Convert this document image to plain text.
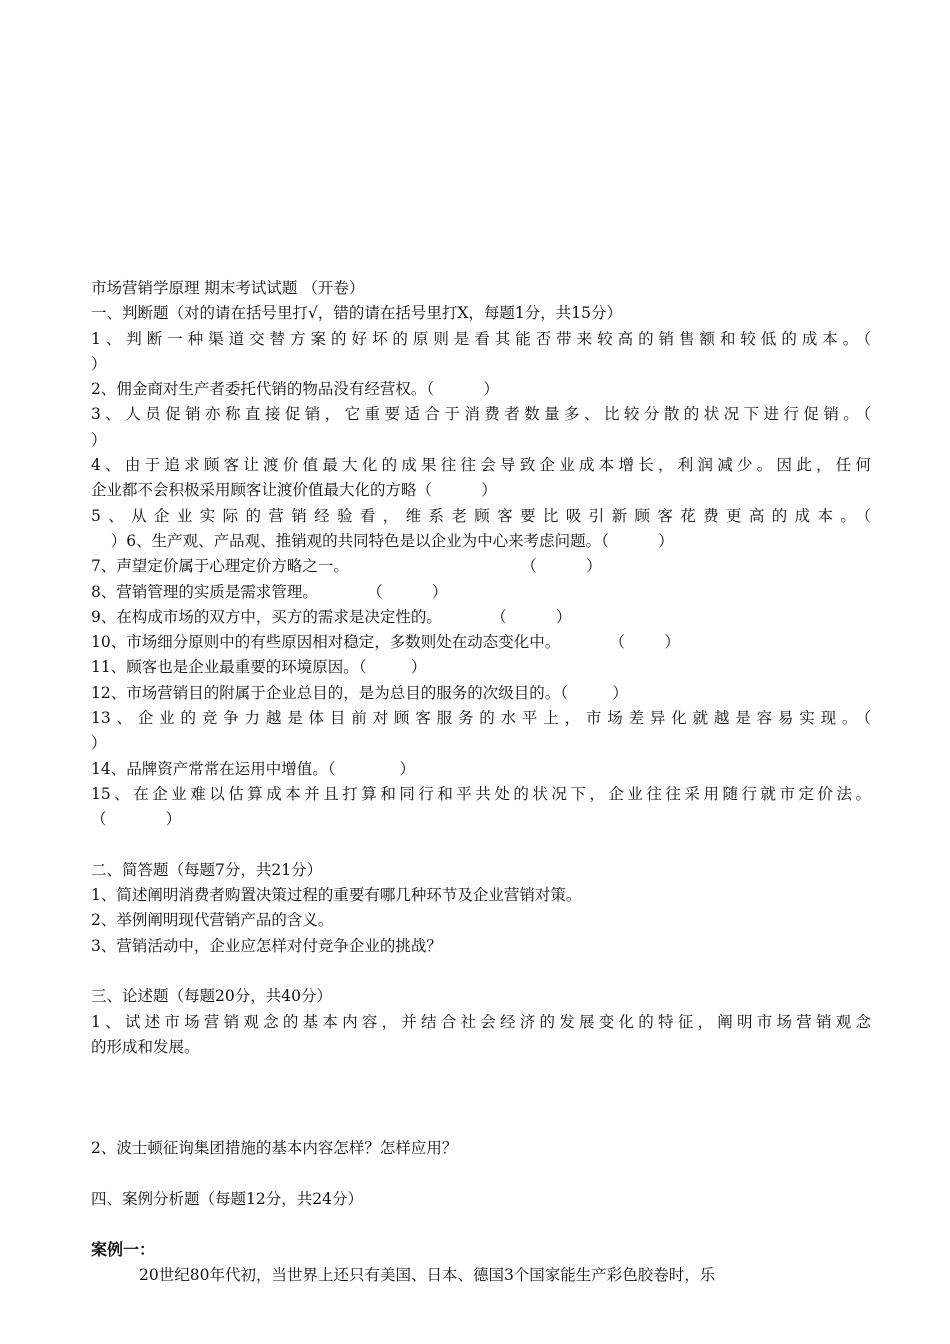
市场营销学原理 期末考试试题 （开卷）
一、判断题（对的请在括号里打√，错的请在括号里打X，每题1分，共15分）
1、判断一种渠道交替方案的好坏的原则是看其能否带来较高的销售额和较低的成本。（
）
2、佣金商对生产者委托代销的物品没有经营权。（          ）
3、人员促销亦称直接促销，它重要适合于消费者数量多、比较分散的状况下进行促销。（
）
4、由于追求顾客让渡价值最大化的成果往往会导致企业成本增长，利润减少。因此，任何
企业都不会积极采用顾客让渡价值最大化的方略（          ）
5、从企业实际的营销经验看，维系老顾客要比吸引新顾客花费更高的成本。（
）6、生产观、产品观、推销观的共同特色是以企业为中心来考虑问题。（          ）
7、声望定价属于心理定价方略之一。                                   （          ）
8、营销管理的实质是需求管理。          （          ）
9、在构成市场的双方中，买方的需求是决定性的。          （          ）
10、市场细分原则中的有些原因相对稳定，多数则处在动态变化中。          （        ）
11、顾客也是企业最重要的环境原因。（         ）
12、市场营销目的附属于企业总目的，是为总目的服务的次级目的。（         ）
13、企业的竞争力越是体目前对顾客服务的水平上，市场差异化就越是容易实现。（
）
14、品牌资产常常在运用中增值。（             ）
15、在企业难以估算成本并且打算和同行和平共处的状况下，企业往往采用随行就市定价法。
（            ）
二、简答题（每题7分，共21分）
1、简述阐明消费者购置决策过程的重要有哪几种环节及企业营销对策。
2、举例阐明现代营销产品的含义。
3、营销活动中，企业应怎样对付竞争企业的挑战？
三、论述题（每题20分，共40分）
1、试述市场营销观念的基本内容，并结合社会经济的发展变化的特征，阐明市场营销观念
的形成和发展。
2、波士顿征询集团措施的基本内容怎样？怎样应用？
四、案例分析题（每题12分，共24分）
案例一：
20世纪80年代初，当世界上还只有美国、日本、德国3个国家能生产彩色胶卷时，乐
